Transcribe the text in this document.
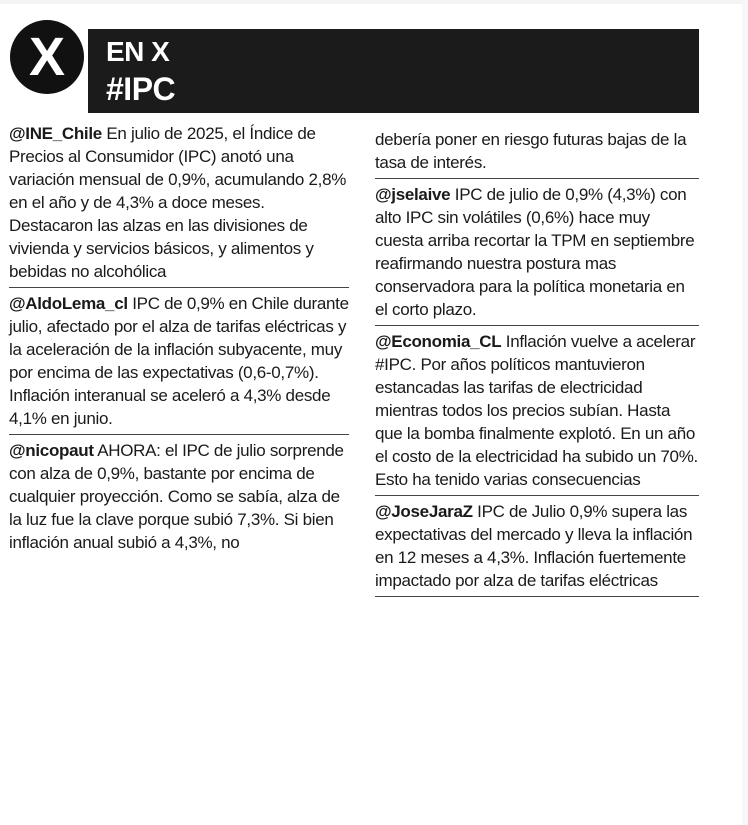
X EN X
#IPC
@INE_Chile En julio de 2025, el Índice de Precios al Consumidor (IPC) anotó una variación mensual de 0,9%, acumulando 2,8% en el año y de 4,3% a doce meses. Destacaron las alzas en las divisiones de vivienda y servicios básicos, y alimentos y bebidas no alcohólica
@AldoLema_cl IPC de 0,9% en Chile durante julio, afectado por el alza de tarifas eléctricas y la aceleración de la inflación subyacente, muy por encima de las expectativas (0,6-0,7%). Inflación interanual se aceleró a 4,3% desde 4,1% en junio.
@nicopaut AHORA: el IPC de julio sorprende con alza de 0,9%, bastante por encima de cualquier proyección. Como se sabía, alza de la luz fue la clave porque subió 7,3%. Si bien inflación anual subió a 4,3%, no
debería poner en riesgo futuras bajas de la tasa de interés.
@jselaive IPC de julio de 0,9% (4,3%) con alto IPC sin volátiles (0,6%) hace muy cuesta arriba recortar la TPM en septiembre reafirmando nuestra postura mas conservadora para la política monetaria en el corto plazo.
@Economia_CL Inflación vuelve a acelerar #IPC. Por años políticos mantuvieron estancadas las tarifas de electricidad mientras todos los precios subían. Hasta que la bomba finalmente explotó. En un año el costo de la electricidad ha subido un 70%. Esto ha tenido varias consecuencias
@JoseJaraZ IPC de Julio 0,9% supera las expectativas del mercado y lleva la inflación en 12 meses a 4,3%. Inflación fuertemente impactado por alza de tarifas eléctricas
